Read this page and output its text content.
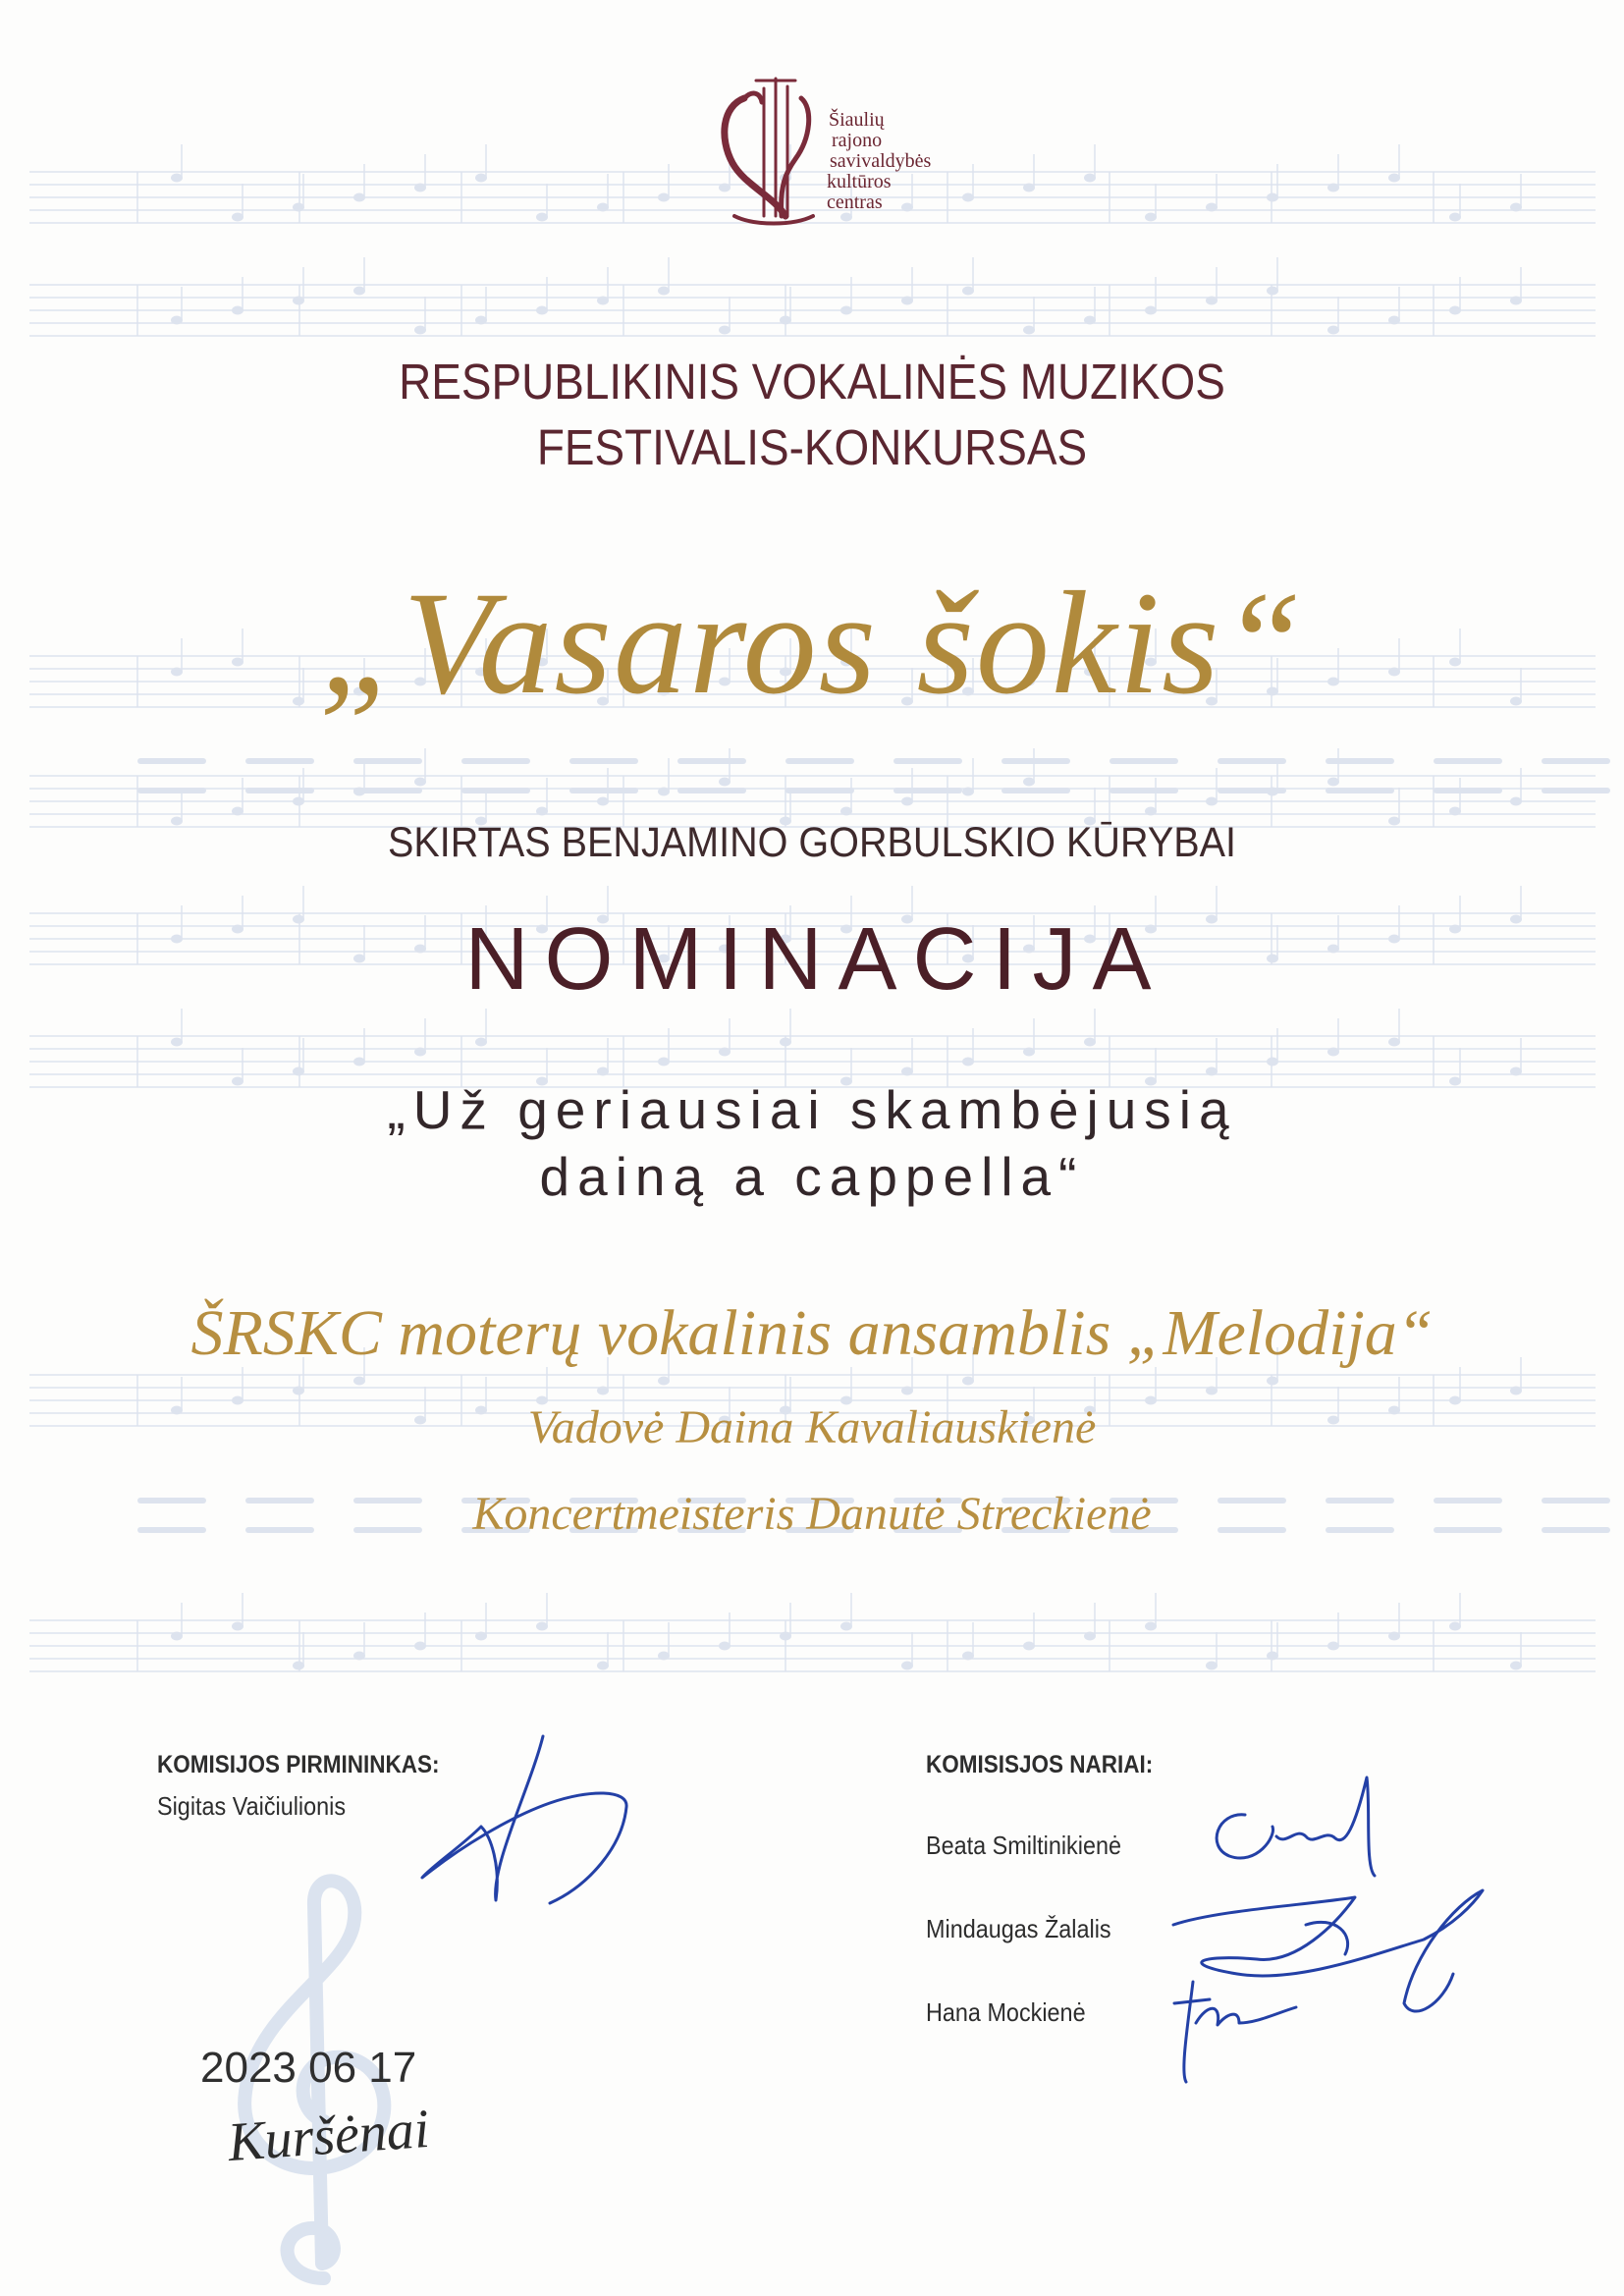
Šiaulių
rajono
savivaldybės
kultūros
centras
RESPUBLIKINIS VOKALINĖS MUZIKOS
FESTIVALIS-KONKURSAS
„Vasaros šokis“
SKIRTAS BENJAMINO GORBULSKIO KŪRYBAI
NOMINACIJA
„Už geriausiai skambėjusią
dainą a cappella“
ŠRSKC moterų vokalinis ansamblis „Melodija“
Vadovė Daina Kavaliauskienė
Koncertmeisteris Danutė Streckienė
KOMISIJOS PIRMININKAS:
Sigitas Vaičiulionis
KOMISISJOS NARIAI:
Beata Smiltinikienė
Mindaugas Žalalis
Hana Mockienė
2023 06 17
Kuršėnai
